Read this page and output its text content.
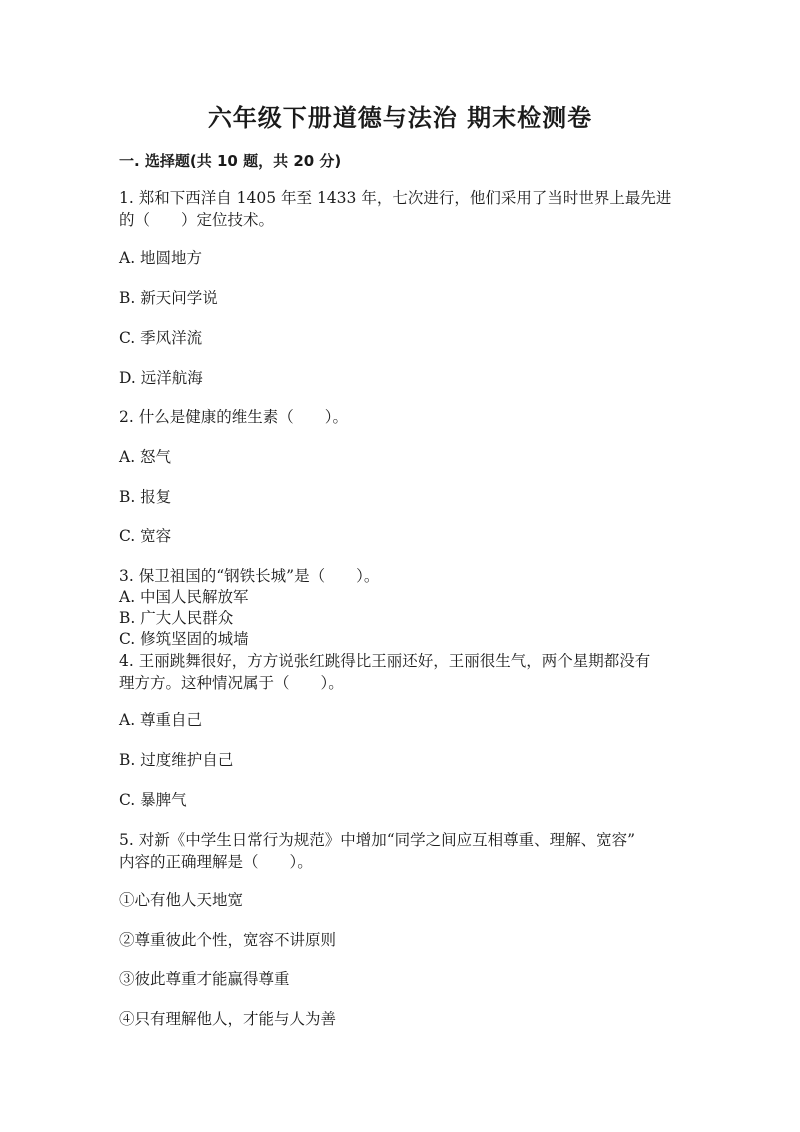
六年级下册道德与法治 期末检测卷
一. 选择题(共 10 题，共 20 分)
1. 郑和下西洋自 1405 年至 1433 年，七次进行，他们采用了当时世界上最先进
的（　　）定位技术。
A. 地圆地方
B. 新天问学说
C. 季风洋流
D. 远洋航海
2. 什么是健康的维生素（　　）。
A. 怒气
B. 报复
C. 宽容
3. 保卫祖国的“钢铁长城”是（　　）。
A. 中国人民解放军
B. 广大人民群众
C. 修筑坚固的城墙
4. 王丽跳舞很好，方方说张红跳得比王丽还好，王丽很生气，两个星期都没有
理方方。这种情况属于（　　）。
A. 尊重自己
B. 过度维护自己
C. 暴脾气
5. 对新《中学生日常行为规范》中增加“同学之间应互相尊重、理解、宽容”
内容的正确理解是（　　）。
①心有他人天地宽
②尊重彼此个性，宽容不讲原则
③彼此尊重才能赢得尊重
④只有理解他人，才能与人为善
